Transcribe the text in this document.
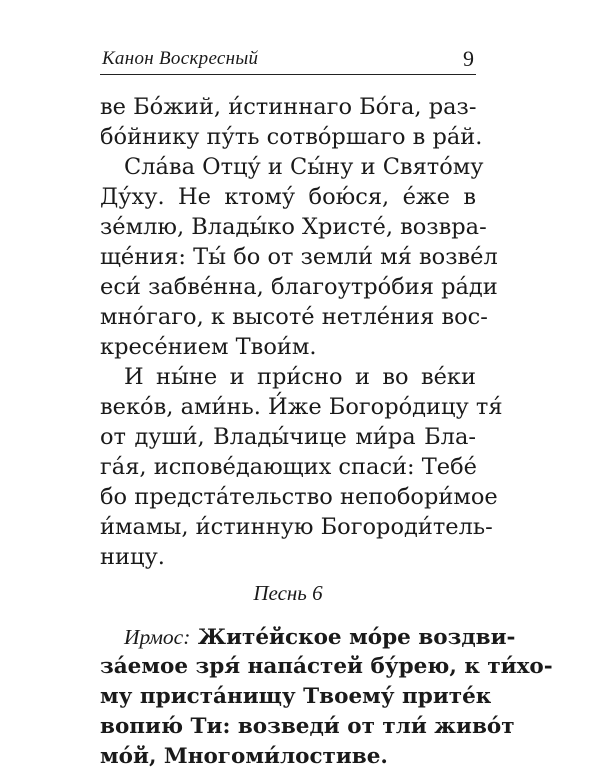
Канон Воскресный	9
ве Бо́жий, и́стиннаго Бо́га, раз-
бо́йнику пу́ть сотво́ршаго в ра́й.
Сла́ва Отцу́ и Сы́ну и Свято́му
Ду́ху. Не ктому́ бою́ся, е́же в
зе́млю, Влады́ко Христе́, возвра-
ще́ния: Ты́ бо от земли́ мя́ возве́л
еси́ забве́нна, благоутро́бия ра́ди
мно́гаго, к высоте́ нетле́ния вос-
кресе́нием Твои́м.
И ны́не и при́сно и во ве́ки
веко́в, ами́нь. И́же Богоро́дицу тя́
от души́, Влады́чице ми́ра Бла-
га́я, испове́дающих спаси́: Тебе́
бо предста́тельство непобори́мое
и́мамы, и́стинную Богороди́тель-
ницу.
Песнь 6
Ирмос: Жите́йское мо́ре воздви-
за́емое зря́ напа́стей бу́рею, к ти́хо-
му приста́нищу Твоему́ прите́к
вопию́ Ти: возведи́ от тли́ живо́т
мо́й, Многоми́лостиве.
